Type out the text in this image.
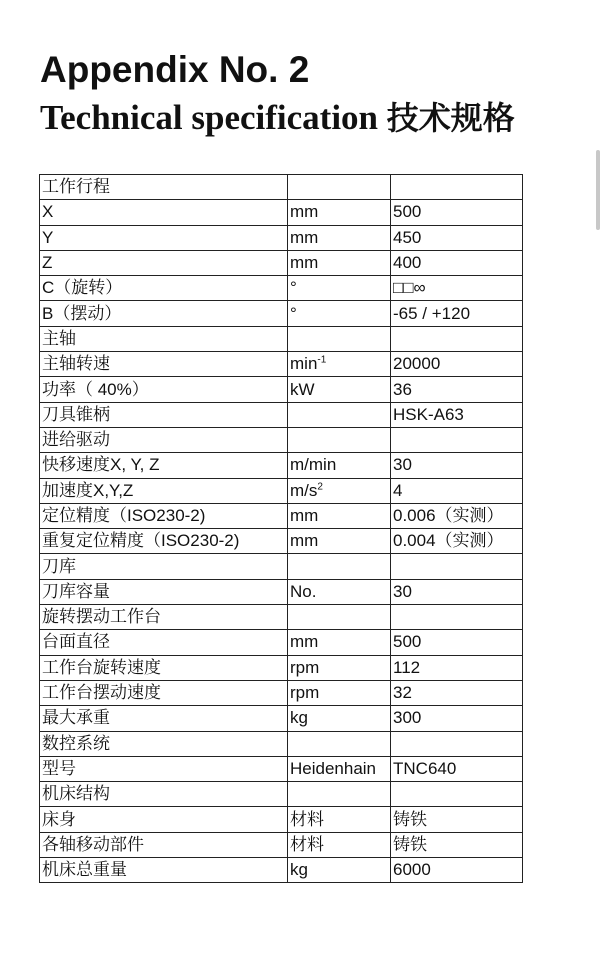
Appendix No. 2
Technical specification 技术规格
工作行程		
X	mm	500
Y	mm	450
Z	mm	400
C（旋转）	°	□□∞
B（摆动）	°	-65 / +120
主轴		
主轴转速	$\min^{-1}$	20000
功率（ 40%）	kW	36
刀具锥柄		HSK-A63
进给驱动		
快移速度X, Y, Z	m/min	30
加速度X,Y,Z	$m/s^2$	4
定位精度（ISO230-2)	mm	0.006（实测）
重复定位精度（ISO230-2)	mm	0.004（实测）
刀库		
刀库容量	No.	30
旋转摆动工作台		
台面直径	mm	500
工作台旋转速度	rpm	112
工作台摆动速度	rpm	32
最大承重	kg	300
数控系统		
型号	Heidenhain	TNC640
机床结构		
床身	材料	铸铁
各轴移动部件	材料	铸铁
机床总重量	kg	6000
